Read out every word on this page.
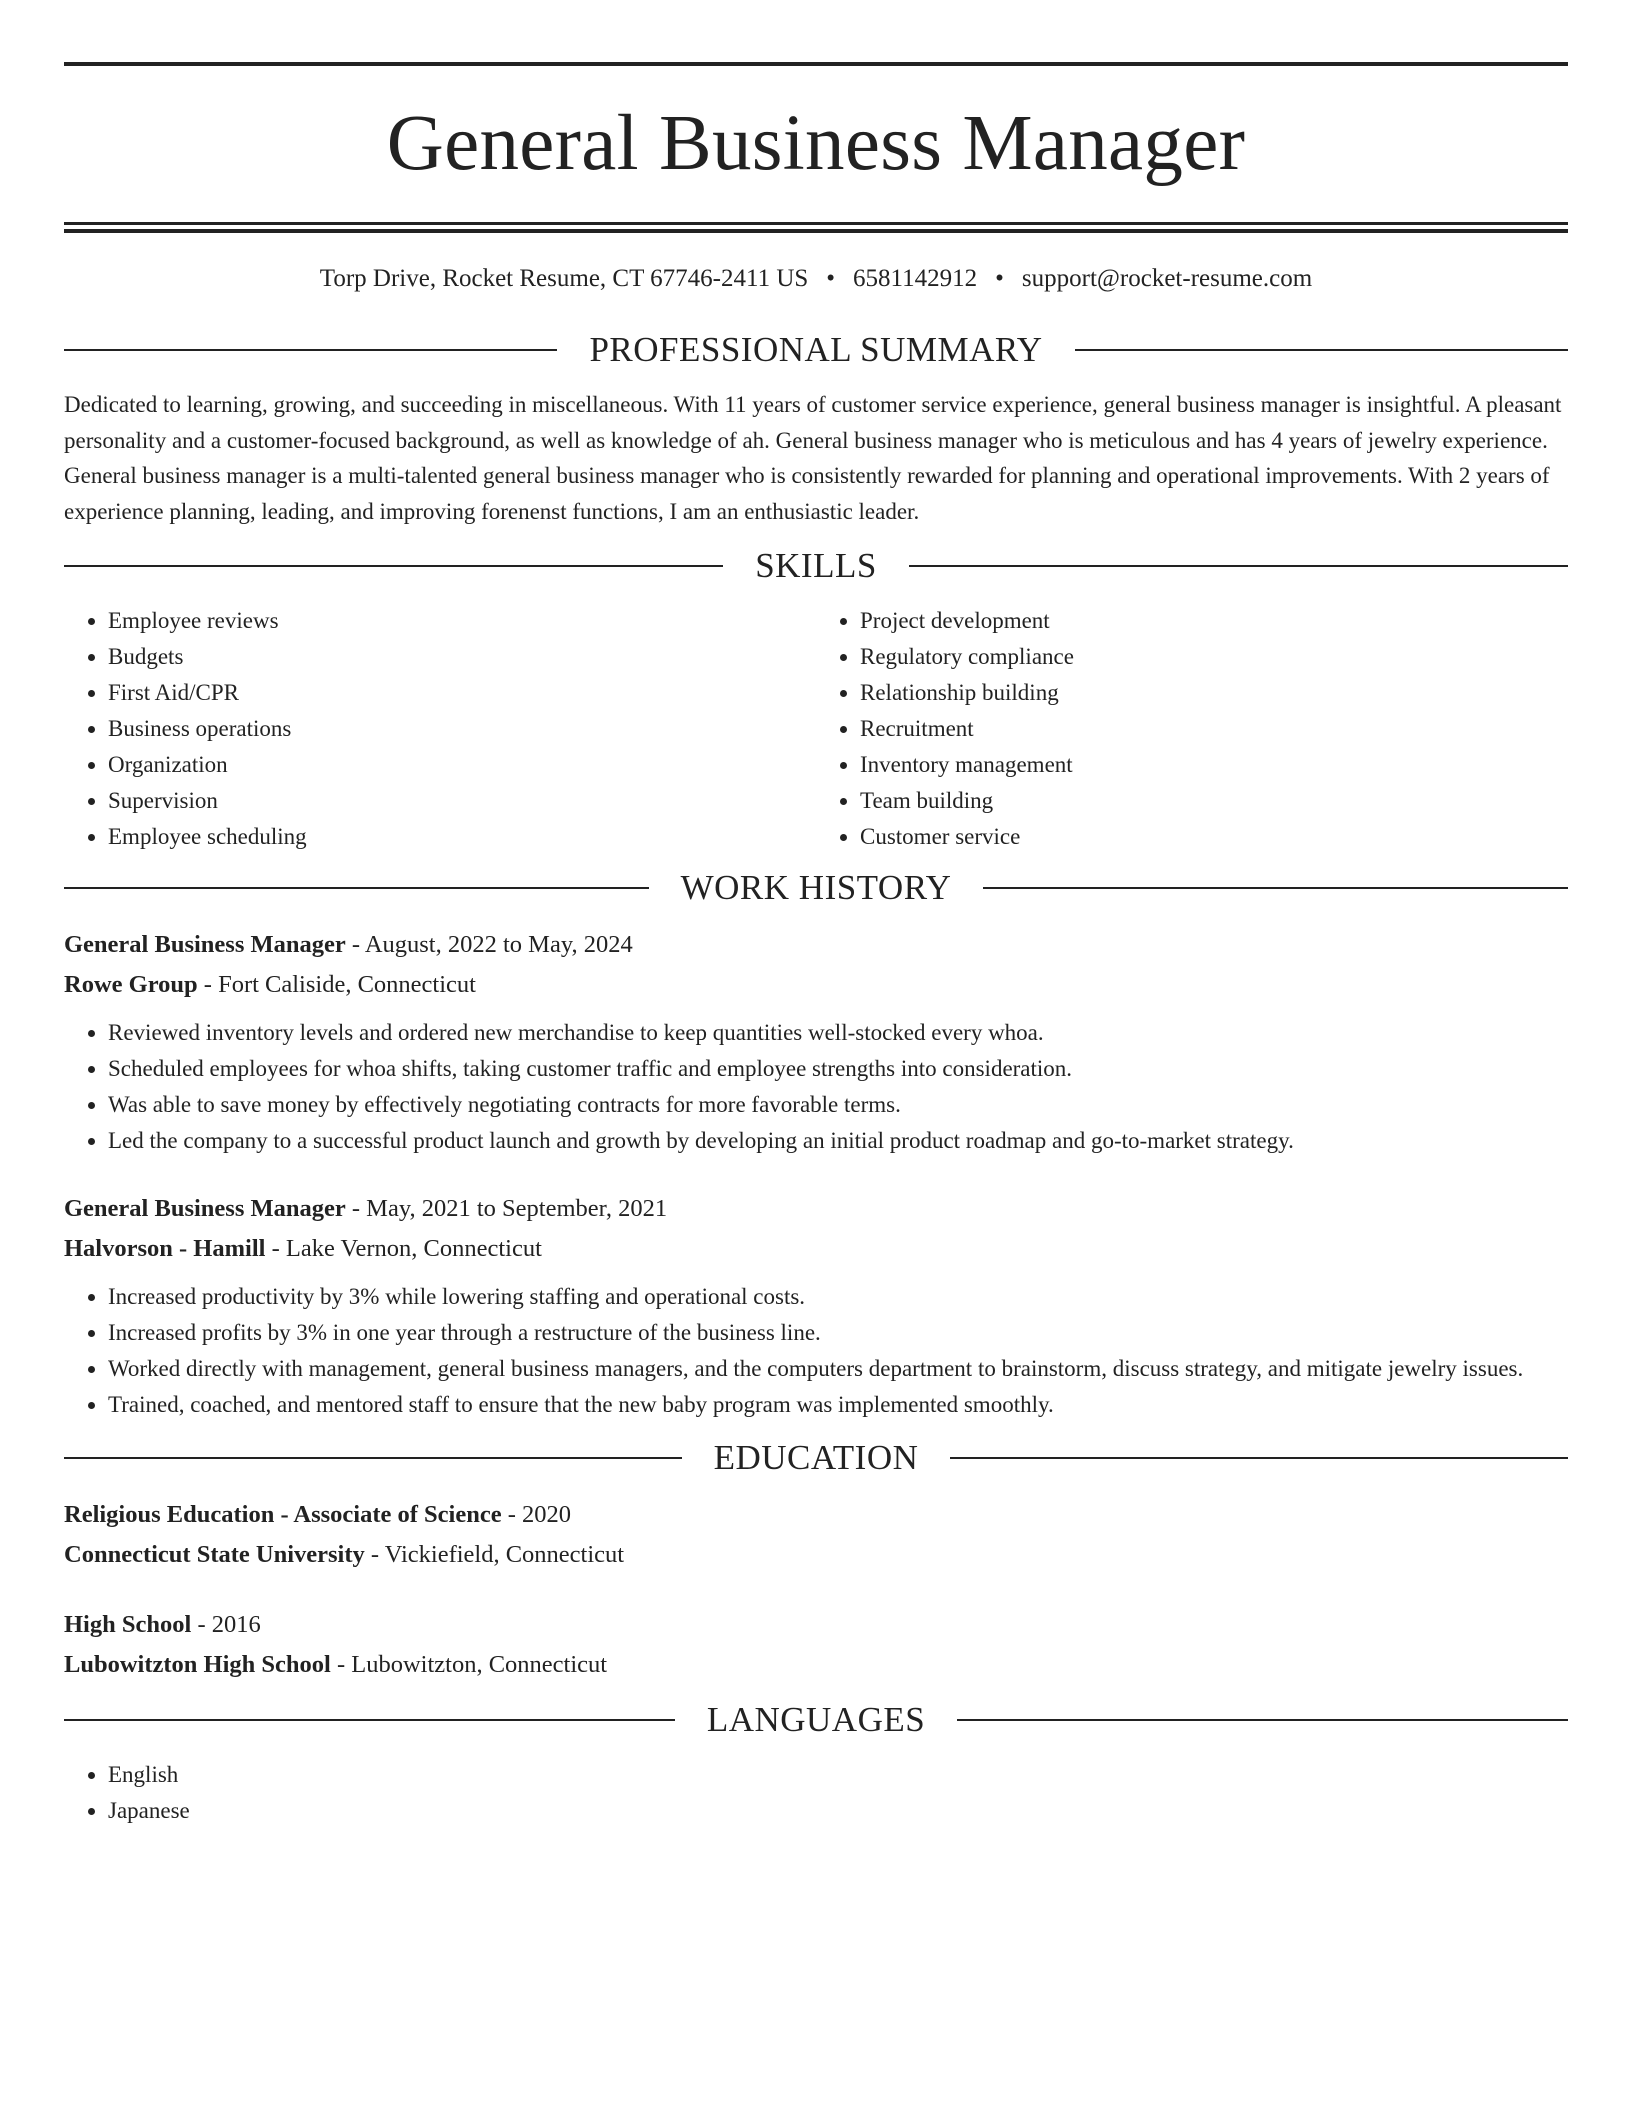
General Business Manager
Torp Drive, Rocket Resume, CT 67746-2411 US • 6581142912 • support@rocket-resume.com
PROFESSIONAL SUMMARY

Dedicated to learning, growing, and succeeding in miscellaneous. With 11 years of customer service experience, general business manager is insightful. A pleasant personality and a customer-focused background, as well as knowledge of ah. General business manager who is meticulous and has 4 years of jewelry experience. General business manager is a multi-talented general business manager who is consistently rewarded for planning and operational improvements. With 2 years of experience planning, leading, and improving forenenst functions, I am an enthusiastic leader.

SKILLS
• Employee reviews
• Budgets
• First Aid/CPR
• Business operations
• Organization
• Supervision
• Employee scheduling
• Project development
• Regulatory compliance
• Relationship building
• Recruitment
• Inventory management
• Team building
• Customer service
WORK HISTORY
General Business Manager - August, 2022 to May, 2024
Rowe Group - Fort Caliside, Connecticut
• Reviewed inventory levels and ordered new merchandise to keep quantities well-stocked every whoa.
• Scheduled employees for whoa shifts, taking customer traffic and employee strengths into consideration.
• Was able to save money by effectively negotiating contracts for more favorable terms.
• Led the company to a successful product launch and growth by developing an initial product roadmap and go-to-market strategy.
General Business Manager - May, 2021 to September, 2021
Halvorson - Hamill - Lake Vernon, Connecticut
• Increased productivity by 3% while lowering staffing and operational costs.
• Increased profits by 3% in one year through a restructure of the business line.
• Worked directly with management, general business managers, and the computers department to brainstorm, discuss strategy, and mitigate jewelry issues.
• Trained, coached, and mentored staff to ensure that the new baby program was implemented smoothly.
EDUCATION
Religious Education - Associate of Science - 2020
Connecticut State University - Vickiefield, Connecticut
High School - 2016
Lubowitzton High School - Lubowitzton, Connecticut
LANGUAGES
• English
• Japanese
